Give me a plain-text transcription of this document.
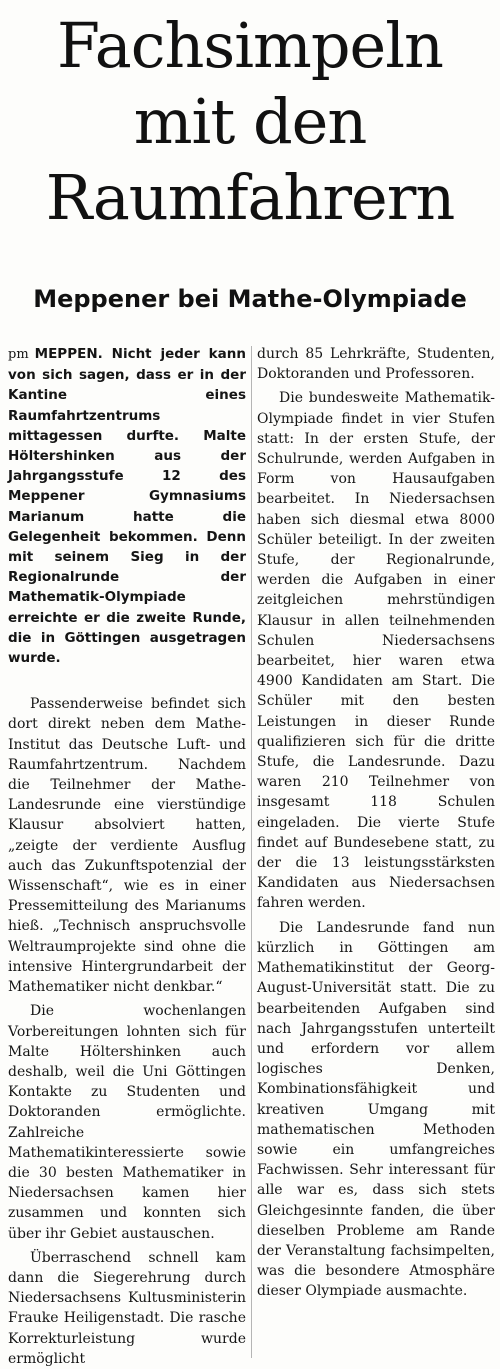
Fachsimpeln
mit den
Raumfahrern
Meppener bei Mathe-Olympiade
pm MEPPEN. Nicht jeder kann von sich sagen, dass er in der Kantine eines Raumfahrtzentrums mittagessen durfte. Malte Höltershinken aus der Jahrgangsstufe 12 des Meppener Gymnasiums Marianum hatte die Gelegenheit bekommen. Denn mit seinem Sieg in der Regionalrunde der Mathematik-Olympiade erreichte er die zweite Runde, die in Göttingen ausgetragen wurde.

Passenderweise befindet sich dort direkt neben dem Mathe-Institut das Deutsche Luft- und Raumfahrtzentrum. Nachdem die Teilnehmer der Mathe-Landesrunde eine vierstündige Klausur absolviert hatten, „zeigte der verdiente Ausflug auch das Zukunftspotenzial der Wissenschaft“, wie es in einer Pressemitteilung des Marianums hieß. „Technisch anspruchsvolle Weltraumprojekte sind ohne die intensive Hintergrundarbeit der Mathematiker nicht denkbar.“

Die wochenlangen Vorbereitungen lohnten sich für Malte Höltershinken auch deshalb, weil die Uni Göttingen Kontakte zu Studenten und Doktoranden ermöglichte. Zahlreiche Mathematikinteressierte sowie die 30 besten Mathematiker in Niedersachsen kamen hier zusammen und konnten sich über ihr Gebiet austauschen.

Überraschend schnell kam dann die Siegerehrung durch Niedersachsens Kultusministerin Frauke Heiligenstadt. Die rasche Korrekturleistung wurde ermöglicht

durch 85 Lehrkräfte, Studenten, Doktoranden und Professoren.

Die bundesweite Mathematik-Olympiade findet in vier Stufen statt: In der ersten Stufe, der Schulrunde, werden Aufgaben in Form von Hausaufgaben bearbeitet. In Niedersachsen haben sich diesmal etwa 8000 Schüler beteiligt. In der zweiten Stufe, der Regionalrunde, werden die Aufgaben in einer zeitgleichen mehrstündigen Klausur in allen teilnehmenden Schulen Niedersachsens bearbeitet, hier waren etwa 4900 Kandidaten am Start. Die Schüler mit den besten Leistungen in dieser Runde qualifizieren sich für die dritte Stufe, die Landesrunde. Dazu waren 210 Teilnehmer von insgesamt 118 Schulen eingeladen. Die vierte Stufe findet auf Bundesebene statt, zu der die 13 leistungsstärksten Kandidaten aus Niedersachsen fahren werden.

Die Landesrunde fand nun kürzlich in Göttingen am Mathematikinstitut der Georg-August-Universität statt. Die zu bearbeitenden Aufgaben sind nach Jahrgangsstufen unterteilt und erfordern vor allem logisches Denken, Kombinationsfähigkeit und kreativen Umgang mit mathematischen Methoden sowie ein umfangreiches Fachwissen. Sehr interessant für alle war es, dass sich stets Gleichgesinnte fanden, die über dieselben Probleme am Rande der Veranstaltung fachsimpelten, was die besondere Atmosphäre dieser Olympiade ausmachte.
